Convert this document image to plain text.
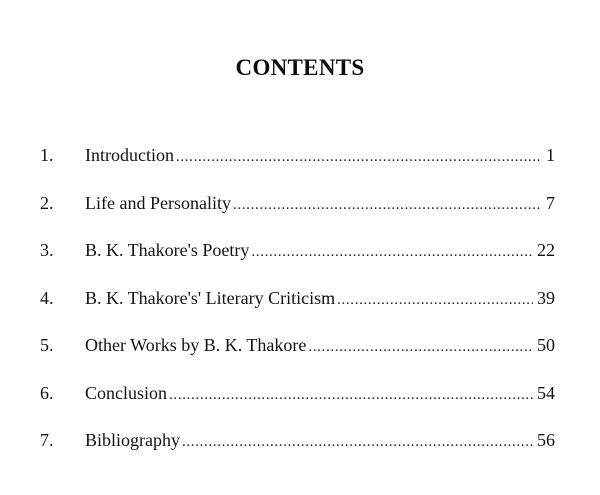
CONTENTS
1.	Introduction . . .	1
2.	Life and Personality . . .	7
3.	B. K. Thakore's Poetry . . .	22
4.	B. K. Thakore's' Literary Criticism . . .	39
5.	Other Works by B. K. Thakore . . .	50
6.	Conclusion . . .	54
7.	Bibliography . . .	56
